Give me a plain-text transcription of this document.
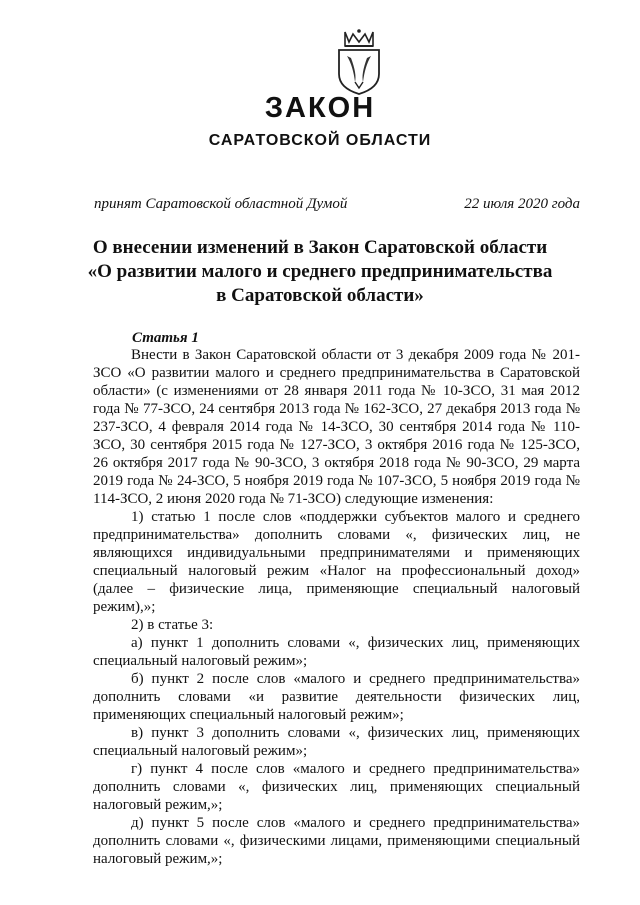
ЗАКОН
САРАТОВСКОЙ ОБЛАСТИ
принят Саратовской областной Думой	22 июля 2020 года
О внесении изменений в Закон Саратовской области
«О развитии малого и среднего предпринимательства
в Саратовской области»
Статья 1

Внести в Закон Саратовской области от 3 декабря 2009 года № 201-ЗСО «О развитии малого и среднего предпринимательства в Саратовской области» (с изменениями от 28 января 2011 года № 10-ЗСО, 31 мая 2012 года № 77-ЗСО, 24 сентября 2013 года № 162-ЗСО, 27 декабря 2013 года № 237-ЗСО, 4 февраля 2014 года № 14-ЗСО, 30 сентября 2014 года № 110-ЗСО, 30 сентября 2015 года № 127-ЗСО, 3 октября 2016 года № 125-ЗСО, 26 октября 2017 года № 90-ЗСО, 3 октября 2018 года № 90-ЗСО, 29 марта 2019 года № 24-ЗСО, 5 ноября 2019 года № 107-ЗСО, 5 ноября 2019 года № 114-ЗСО, 2 июня 2020 года № 71-ЗСО) следующие изменения:

1) статью 1 после слов «поддержки субъектов малого и среднего предпринимательства» дополнить словами «, физических лиц, не являющихся индивидуальными предпринимателями и применяющих специальный налоговый режим «Налог на профессиональный доход» (далее – физические лица, применяющие специальный налоговый режим),»;

2) в статье 3:

а) пункт 1 дополнить словами «, физических лиц, применяющих специальный налоговый режим»;

б) пункт 2 после слов «малого и среднего предпринимательства» дополнить словами «и развитие деятельности физических лиц, применяющих специальный налоговый режим»;

в) пункт 3 дополнить словами «, физических лиц, применяющих специальный налоговый режим»;

г) пункт 4 после слов «малого и среднего предпринимательства» дополнить словами «, физических лиц, применяющих специальный налоговый режим,»;

д) пункт 5 после слов «малого и среднего предпринимательства» дополнить словами «, физическими лицами, применяющими специальный налоговый режим,»;
